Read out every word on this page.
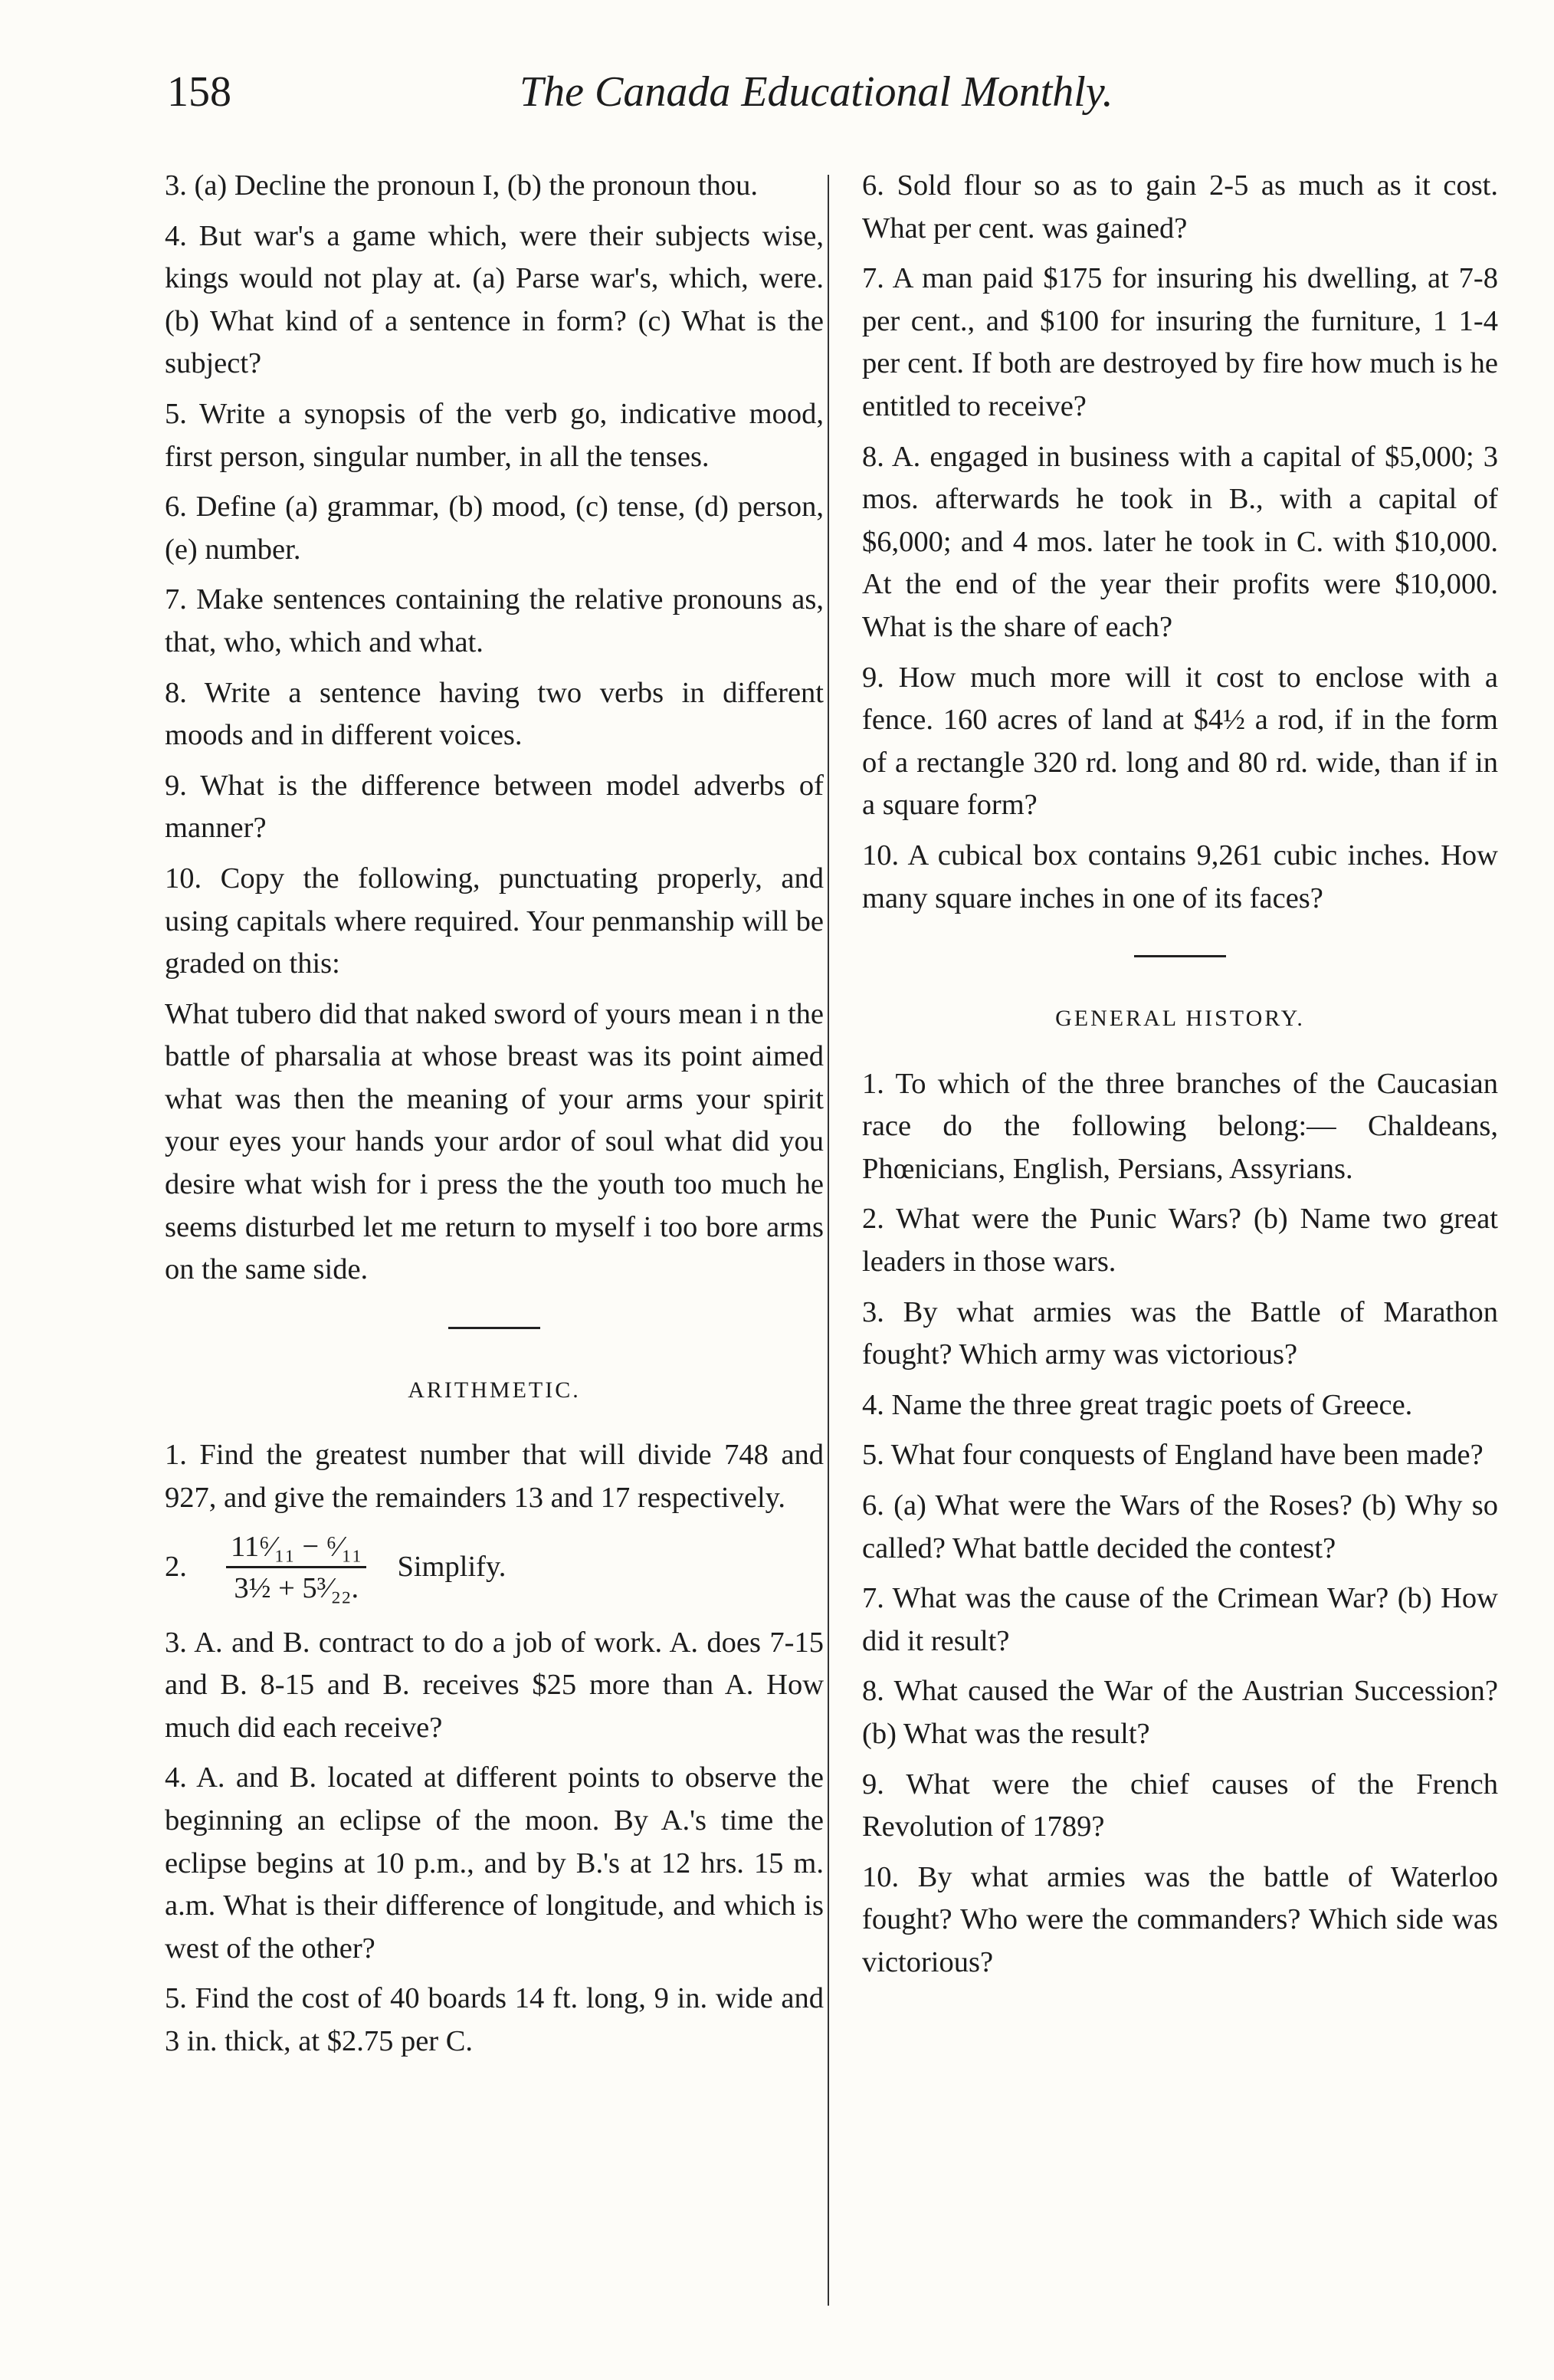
158	The Canada Educational Monthly.

3. (a) Decline the pronoun I, (b) the pronoun thou.

4. But war's a game which, were their subjects wise, kings would not play at. (a) Parse war's, which, were. (b) What kind of a sentence in form? (c) What is the subject?

5. Write a synopsis of the verb go, indicative mood, first person, singular number, in all the tenses.

6. Define (a) grammar, (b) mood, (c) tense, (d) person, (e) number.

7. Make sentences containing the relative pronouns as, that, who, which and what.

8. Write a sentence having two verbs in different moods and in different voices.

9. What is the difference between model adverbs of manner?

10. Copy the following, punctuating properly, and using capitals where required. Your penmanship will be graded on this:

What tubero did that naked sword of yours mean i n the battle of pharsalia at whose breast was its point aimed what was then the meaning of your arms your spirit your eyes your hands your ardor of soul what did you desire what wish for i press the the youth too much he seems disturbed let me return to myself i too bore arms on the same side.

ARITHMETIC.

1. Find the greatest number that will divide 748 and 927, and give the remainders 13 and 17 respectively.

2.	$\frac{\text{11⁶⁄₁₁ − ⁶⁄₁₁}}{\text{3½ + 5³⁄₂₂.}}$ Simplify.

3. A. and B. contract to do a job of work. A. does 7-15 and B. 8-15 and B. receives $25 more than A. How much did each receive?

4. A. and B. located at different points to observe the beginning an eclipse of the moon. By A.'s time the eclipse begins at 10 p.m., and by B.'s at 12 hrs. 15 m. a.m. What is their difference of longitude, and which is west of the other?

5. Find the cost of 40 boards 14 ft. long, 9 in. wide and 3 in. thick, at $2.75 per C.

6. Sold flour so as to gain 2-5 as much as it cost. What per cent. was gained?

7. A man paid $175 for insuring his dwelling, at 7-8 per cent., and $100 for insuring the furniture, 1 1-4 per cent. If both are destroyed by fire how much is he entitled to receive?

8. A. engaged in business with a capital of $5,000; 3 mos. afterwards he took in B., with a capital of $6,000; and 4 mos. later he took in C. with $10,000. At the end of the year their profits were $10,000. What is the share of each?

9. How much more will it cost to enclose with a fence. 160 acres of land at $4½ a rod, if in the form of a rectangle 320 rd. long and 80 rd. wide, than if in a square form?

10. A cubical box contains 9,261 cubic inches. How many square inches in one of its faces?

GENERAL HISTORY.

1. To which of the three branches of the Caucasian race do the following belong:— Chaldeans, Phœnicians, English, Persians, Assyrians.

2. What were the Punic Wars? (b) Name two great leaders in those wars.

3. By what armies was the Battle of Marathon fought? Which army was victorious?

4. Name the three great tragic poets of Greece.

5. What four conquests of England have been made?

6. (a) What were the Wars of the Roses? (b) Why so called? What battle decided the contest?

7. What was the cause of the Crimean War? (b) How did it result?

8. What caused the War of the Austrian Succession? (b) What was the result?

9. What were the chief causes of the French Revolution of 1789?

10. By what armies was the battle of Waterloo fought? Who were the commanders? Which side was victorious?
